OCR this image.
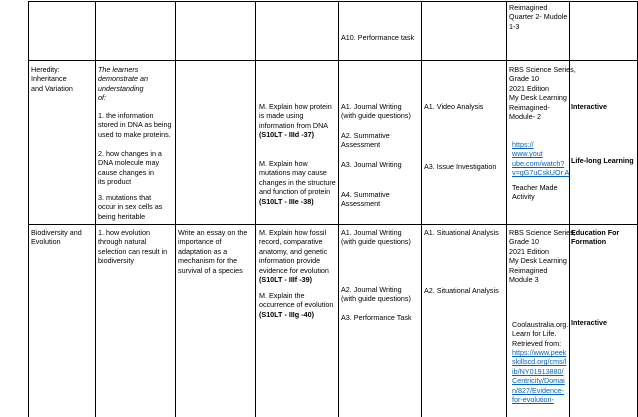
A10. Performance task
Reimagined
Quarter 2- Mudole
1-3
Heredity:
Inheritance
and Variation
The learners
demonstrate an
understanding
of:
1. the information
stored in DNA as being
used to make proteins.
2. how changes in a
DNA molecule may
cause changes in
its product
3. mutations that
occur in sex cells as
being heritable
M. Explain how protein
is made using
information from DNA
(S10LT - IIId -37)
M. Explain how
mutations may cause
changes in the structure
and function of protein
(S10LT - IIIe -38)
A1. Journal Writing
(with guide questions)
A2. Summative
Assessment
A3. Journal Writing
A4. Summative
Assessment
A1. Video Analysis
A3. Issue Investigation
RBS Science Series,
Grade 10
2021 Edition
My Desk Learning
Reimagined-
Module- 2
https://
www.yout
ube.com/watch?
v=gG7uCskUOr A
Teacher Made
Activity
Interactive
Life-long Learning
Biodiversity and
Evolution
1. how evolution
through natural
selection can result in
biodiversity
Write an essay on the
importance of
adaptation as a
mechanism for the
survival of a species
M. Explain how fossil
record, comparative
anatomy, and genetic
information provide
evidence for evolution
(S10LT - IIIf -39)
M. Explain the
occurrence of evolution
(S10LT - IIIg -40)
A1. Journal Writing
(with guide questions)
A2. Journal Writing
(with guide questions)
A3. Performance Task
A1. Situational Analysis
A2. Situational Analysis
RBS Science Series,
Grade 10
2021 Edition
My Desk Learning
Reimagined
Module 3
Coolaustralia.org.
Learn for Life.
Retrieved from:
https://www.peek
skillscd.org/cms/l
ib/NY01913880/
Centricity/Domai
n/827/Evidence-
for-evolution-
Education For
Formation
Interactive
